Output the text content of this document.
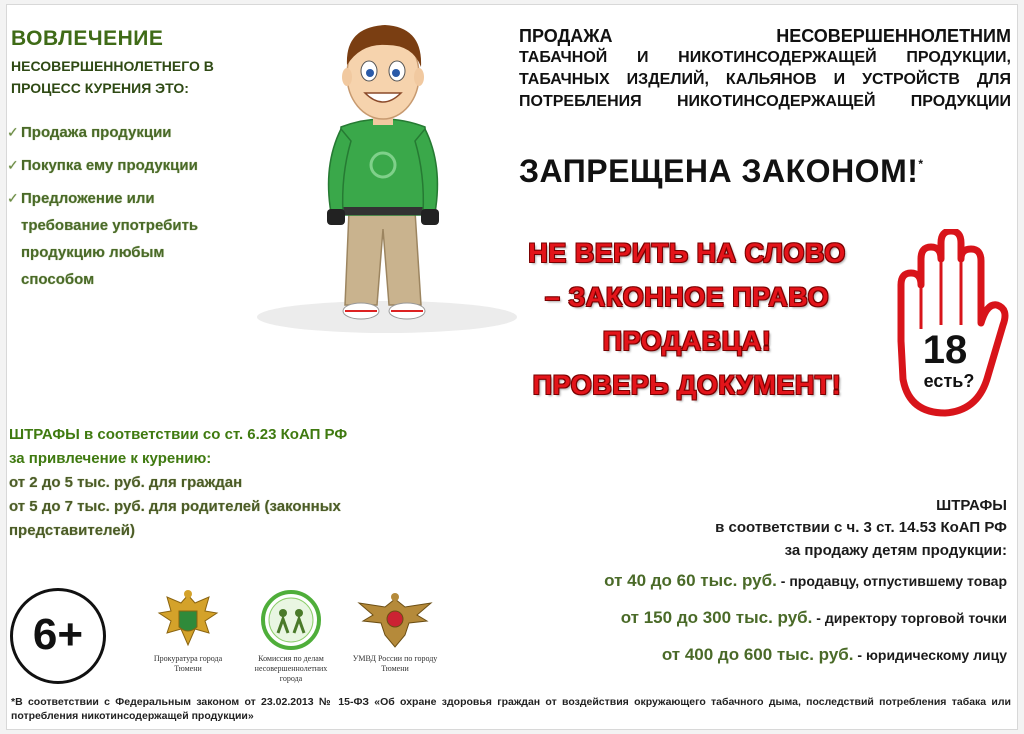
ВОВЛЕЧЕНИЕ
НЕСОВЕРШЕННОЛЕТНЕГО В ПРОЦЕСС КУРЕНИЯ ЭТО:
✓ Продажа продукции
✓ Покупка ему продукции
✓ Предложение или требование употребить продукцию любым способом
ПРОДАЖА НЕСОВЕРШЕННОЛЕТНИМ
ТАБАЧНОЙ И НИКОТИНСОДЕРЖАЩЕЙ ПРОДУКЦИИ, ТАБАЧНЫХ ИЗДЕЛИЙ, КАЛЬЯНОВ И УСТРОЙСТВ ДЛЯ ПОТРЕБЛЕНИЯ НИКОТИНСОДЕРЖАЩЕЙ ПРОДУКЦИИ
ЗАПРЕЩЕНА ЗАКОНОМ!*
НЕ ВЕРИТЬ НА СЛОВО
– ЗАКОННОЕ ПРАВО
ПРОДАВЦА!
ПРОВЕРЬ ДОКУМЕНТ!
18
есть?
ШТРАФЫ в соответствии со ст. 6.23 КоАП РФ
за привлечение к курению:
от 2 до 5 тыс. руб. для граждан
от 5 до 7 тыс. руб. для родителей (законных представителей)
ШТРАФЫ
в соответствии с ч. 3 ст. 14.53 КоАП РФ
за продажу детям продукции:
от 40 до 60 тыс. руб. - продавцу, отпустившему товар
от 150 до 300 тыс. руб. - директору торговой точки
от 400 до 600 тыс. руб. - юридическому лицу
6+	Прокуратура города Тюмени
Комиссия по делам несовершеннолетних города
УМВД России по городу Тюмени
*В соответствии с Федеральным законом от 23.02.2013 № 15-ФЗ «Об охране здоровья граждан от воздействия окружающего табачного дыма, последствий потребления табака или потребления никотинсодержащей продукции»
